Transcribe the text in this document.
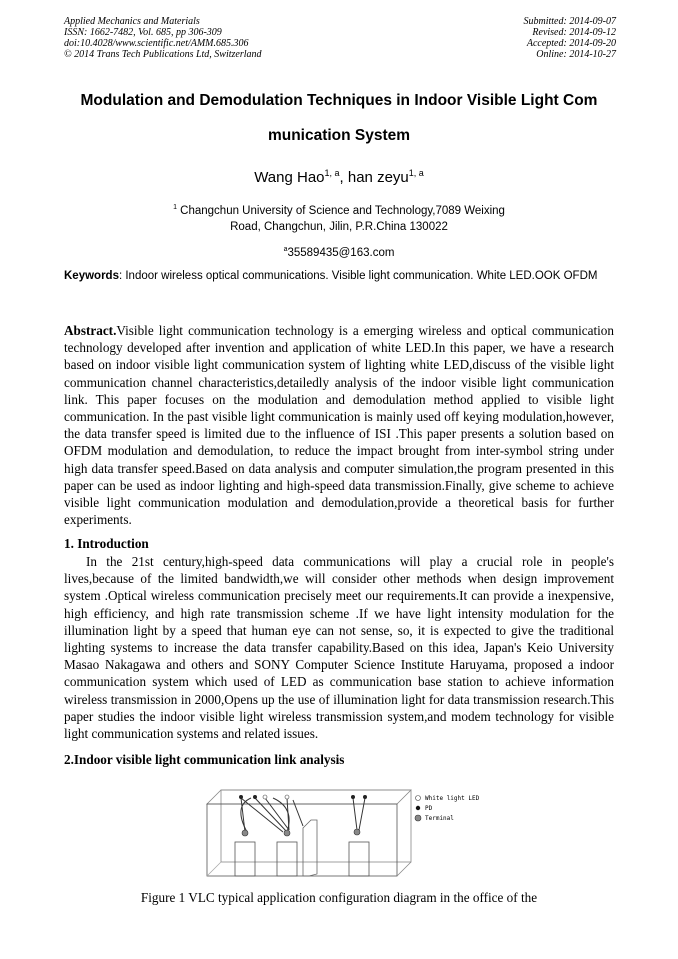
Applied Mechanics and Materials
ISSN: 1662-7482, Vol. 685, pp 306-309
doi:10.4028/www.scientific.net/AMM.685.306
© 2014 Trans Tech Publications Ltd, Switzerland
Submitted: 2014-09-07
Revised: 2014-09-12
Accepted: 2014-09-20
Online: 2014-10-27
Modulation and Demodulation Techniques in Indoor Visible Light Com
munication System
Wang Hao$^{1, a}$, han zeyu$^{1, a}$
$^1$ Changchun University of Science and Technology,7089 Weixing
Road, Changchun, Jilin, P.R.China 130022
$^a$35589435@163.com
Keywords: Indoor wireless optical communications. Visible light communication. White LED.OOK OFDM
Abstract.Visible light communication technology is a emerging wireless and optical communication technology developed after invention and application of white LED.In this paper, we have a research based on indoor visible light communication system of lighting white LED,discuss of the visible light communication channel characteristics,detailedly analysis of the indoor visible light communication link. This paper focuses on the modulation and demodulation method applied to visible light communication. In the past visible light communication is mainly used off keying modulation,however, the data transfer speed is limited due to the influence of ISI .This paper presents a solution based on OFDM modulation and demodulation, to reduce the impact brought from inter-symbol string under high data transfer speed.Based on data analysis and computer simulation,the program presented in this paper can be used as indoor lighting and high-speed data transmission.Finally, give scheme to achieve visible light communication modulation and demodulation,provide a theoretical basis for further experiments.
1. Introduction
In the 21st century,high-speed data communications will play a crucial role in people's lives,because of the limited bandwidth,we will consider other methods when design improvement system .Optical wireless communication precisely meet our requirements.It can provide a inexpensive, high efficiency, and high rate transmission scheme .If we have light intensity modulation for the illumination light by a speed that human eye can not sense, so, it is expected to give the traditional lighting systems to increase the data transfer capability.Based on this idea, Japan's Keio University Masao Nakagawa and others and SONY Computer Science Institute Haruyama, proposed a indoor communication system which used of LED as communication base station to achieve information wireless transmission in 2000,Opens up the use of illumination light for data transmission research.This paper studies the indoor visible light wireless transmission system,and modem technology for visible light communication systems and related issues.
2.Indoor visible light communication link analysis
White light LED
PD
Terminal
Figure 1 VLC typical application configuration diagram in the office of the
